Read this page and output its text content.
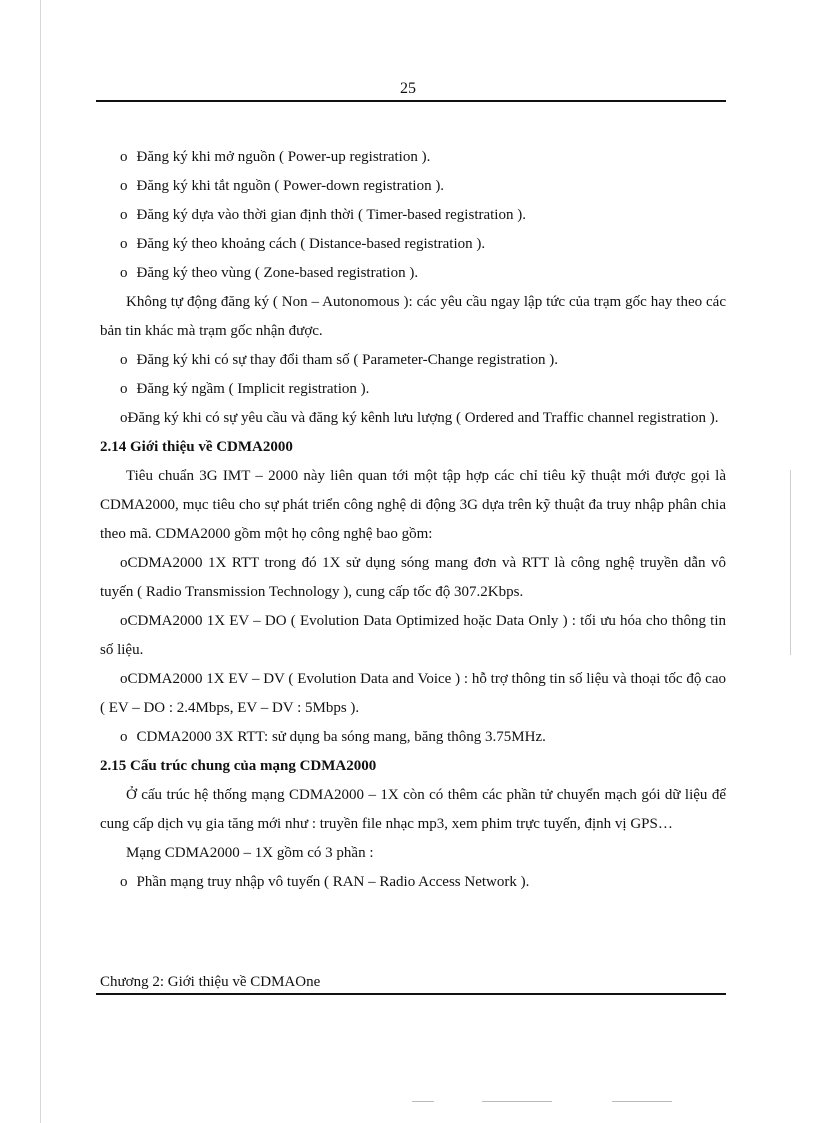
25

o Đăng ký khi mở nguồn ( Power-up registration ).

o Đăng ký khi tắt nguồn ( Power-down registration ).

o Đăng ký dựa vào thời gian định thời ( Timer-based registration ).

o Đăng ký theo khoảng cách ( Distance-based registration ).

o Đăng ký theo vùng ( Zone-based registration ).

Không tự động đăng ký ( Non – Autonomous ): các yêu cầu ngay lập tức của trạm gốc hay theo các bản tin khác mà trạm gốc nhận được.

o Đăng ký khi có sự thay đổi tham số ( Parameter-Change registration ).

o Đăng ký ngầm ( Implicit registration ).

oĐăng ký khi có sự yêu cầu và đăng ký kênh lưu lượng ( Ordered and Traffic channel registration ).

2.14 Giới thiệu về CDMA2000

Tiêu chuẩn 3G IMT – 2000 này liên quan tới một tập hợp các chỉ tiêu kỹ thuật mới được gọi là CDMA2000, mục tiêu cho sự phát triển công nghệ di động 3G dựa trên kỹ thuật đa truy nhập phân chia theo mã. CDMA2000 gồm một họ công nghệ bao gồm:

oCDMA2000 1X RTT trong đó 1X sử dụng sóng mang đơn và RTT là công nghệ truyền dẫn vô tuyến ( Radio Transmission Technology ), cung cấp tốc độ 307.2Kbps.

oCDMA2000 1X EV – DO ( Evolution Data Optimized hoặc Data Only ) : tối ưu hóa cho thông tin số liệu.

oCDMA2000 1X EV – DV ( Evolution Data and Voice ) : hỗ trợ thông tin số liệu và thoại tốc độ cao ( EV – DO : 2.4Mbps, EV – DV : 5Mbps ).

o CDMA2000 3X RTT: sử dụng ba sóng mang, băng thông 3.75MHz.

2.15 Cấu trúc chung của mạng CDMA2000

Ở cấu trúc hệ thống mạng CDMA2000 – 1X còn có thêm các phần tử chuyển mạch gói dữ liệu để cung cấp dịch vụ gia tăng mới như : truyền file nhạc mp3, xem phim trực tuyến, định vị GPS…

Mạng CDMA2000 – 1X gồm có 3 phần :

o Phần mạng truy nhập vô tuyến ( RAN – Radio Access Network ).

Chương 2: Giới thiệu về CDMAOne
